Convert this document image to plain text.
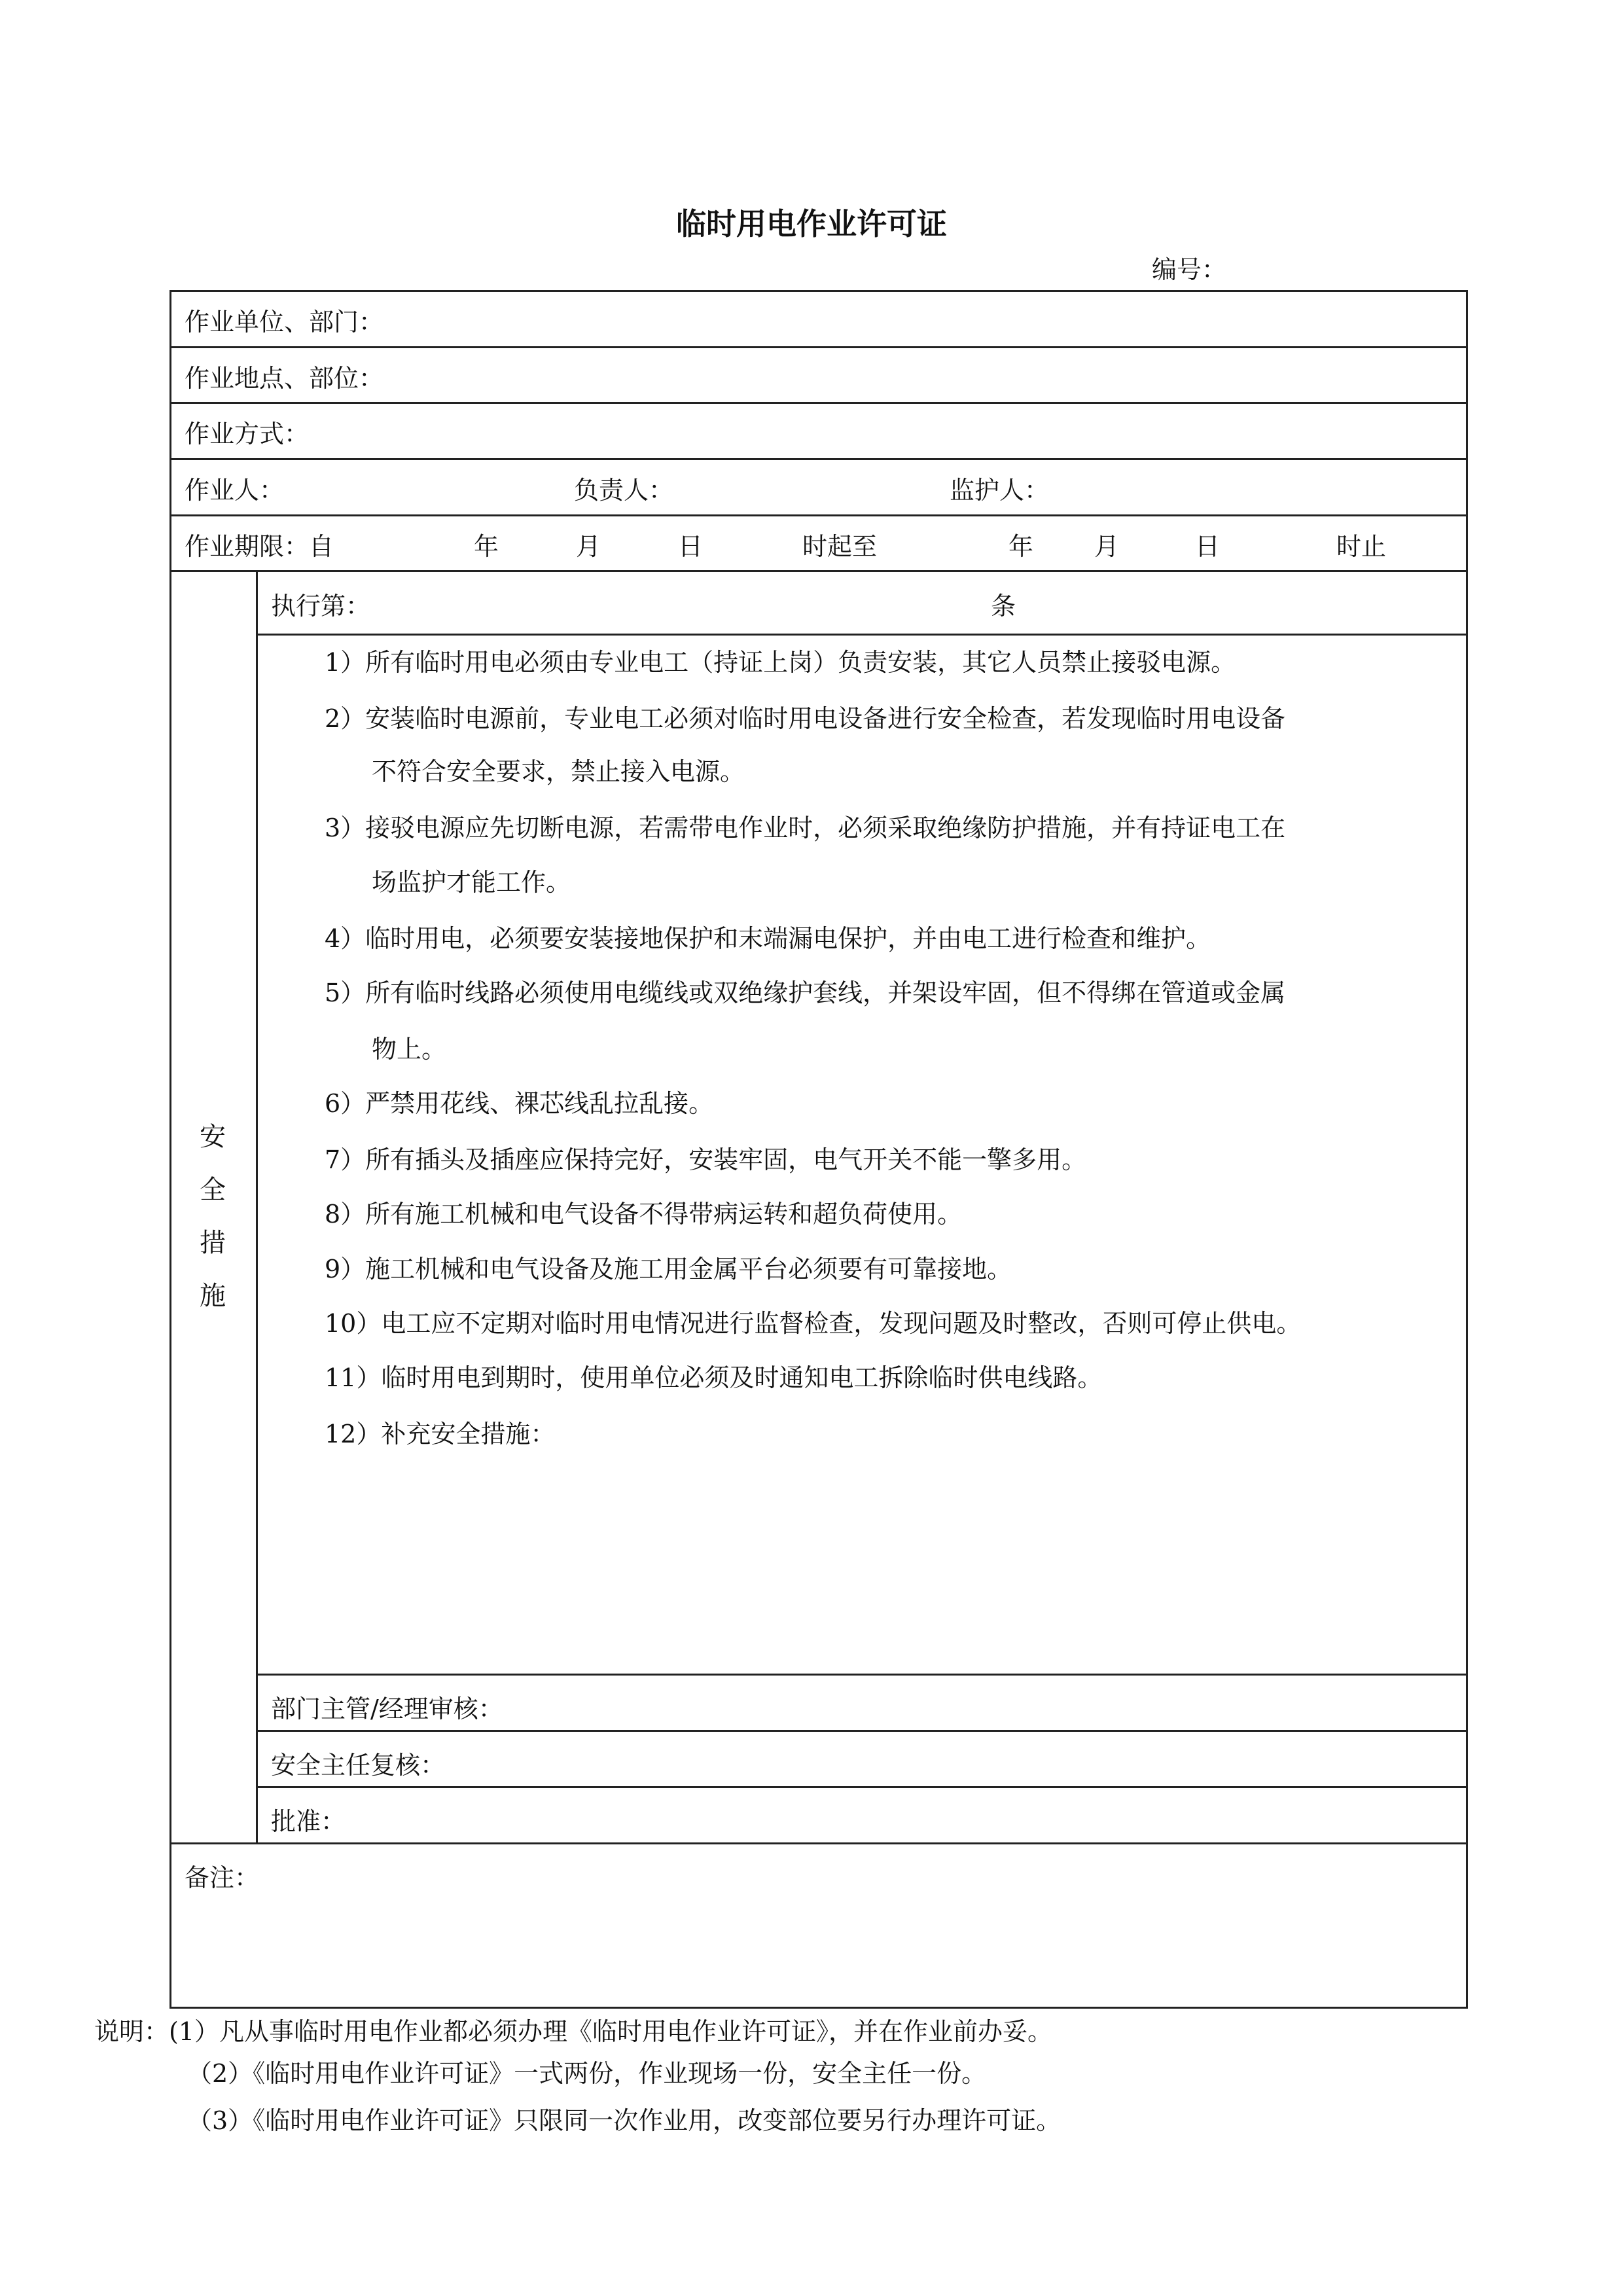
临时用电作业许可证
编号：
作业单位、部门：
作业地点、部位：
作业方式：
作业人：	负责人：	监护人：
作业期限：自	年	月	日	时起至	年 月	日	时止
安
全
措
施
执行第：	条
1）所有临时用电必须由专业电工（持证上岗）负责安装，其它人员禁止接驳电源。
2）安装临时电源前，专业电工必须对临时用电设备进行安全检查，若发现临时用电设备
不符合安全要求，禁止接入电源。
3）接驳电源应先切断电源，若需带电作业时，必须采取绝缘防护措施，并有持证电工在
场监护才能工作。
4）临时用电，必须要安装接地保护和末端漏电保护，并由电工进行检查和维护。
5）所有临时线路必须使用电缆线或双绝缘护套线，并架设牢固，但不得绑在管道或金属
物上。
6）严禁用花线、裸芯线乱拉乱接。
7）所有插头及插座应保持完好，安装牢固，电气开关不能一擎多用。
8）所有施工机械和电气设备不得带病运转和超负荷使用。
9）施工机械和电气设备及施工用金属平台必须要有可靠接地。
10）电工应不定期对临时用电情况进行监督检查，发现问题及时整改，否则可停止供电。
11）临时用电到期时，使用单位必须及时通知电工拆除临时供电线路。
12）补充安全措施：
部门主管/经理审核：
安全主任复核：
批准：
备注：
说明：(1）凡从事临时用电作业都必须办理《临时用电作业许可证》，并在作业前办妥。
（2）《临时用电作业许可证》一式两份，作业现场一份，安全主任一份。
（3）《临时用电作业许可证》只限同一次作业用，改变部位要另行办理许可证。
